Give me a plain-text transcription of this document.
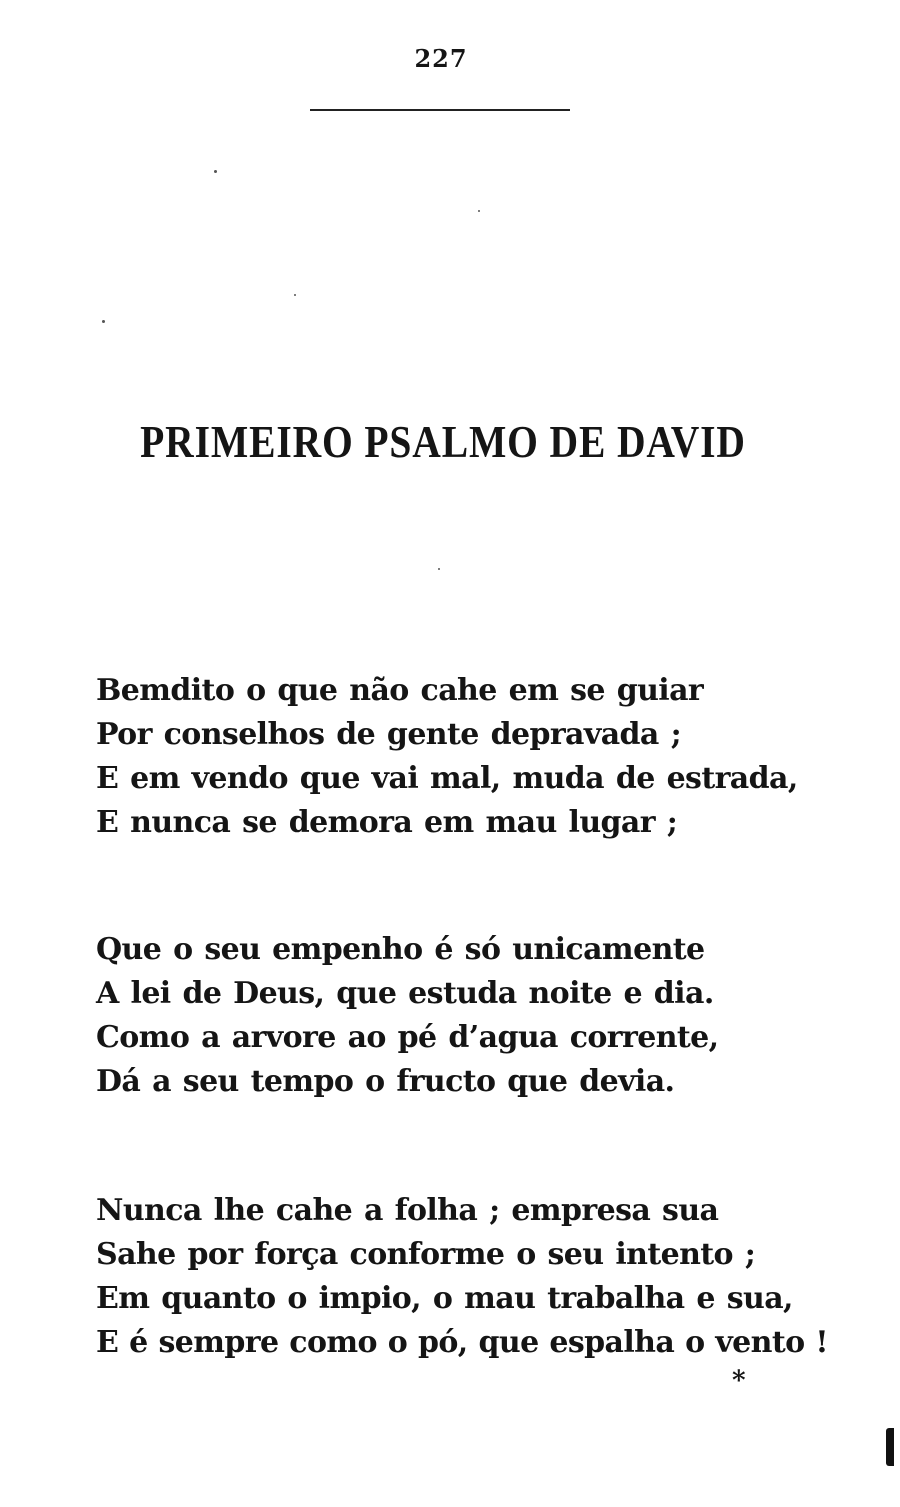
227
PRIMEIRO PSALMO DE DAVID
Bemdito o que não cahe em se guiar
Por conselhos de gente depravada ;
E em vendo que vai mal, muda de estrada,
E nunca se demora em mau lugar ;
Que o seu empenho é só unicamente
A lei de Deus, que estuda noite e dia.
Como a arvore ao pé d’agua corrente,
Dá a seu tempo o fructo que devia.
Nunca lhe cahe a folha ; empresa sua
Sahe por força conforme o seu intento ;
Em quanto o impio, o mau trabalha e sua,
E é sempre como o pó, que espalha o vento !
*
